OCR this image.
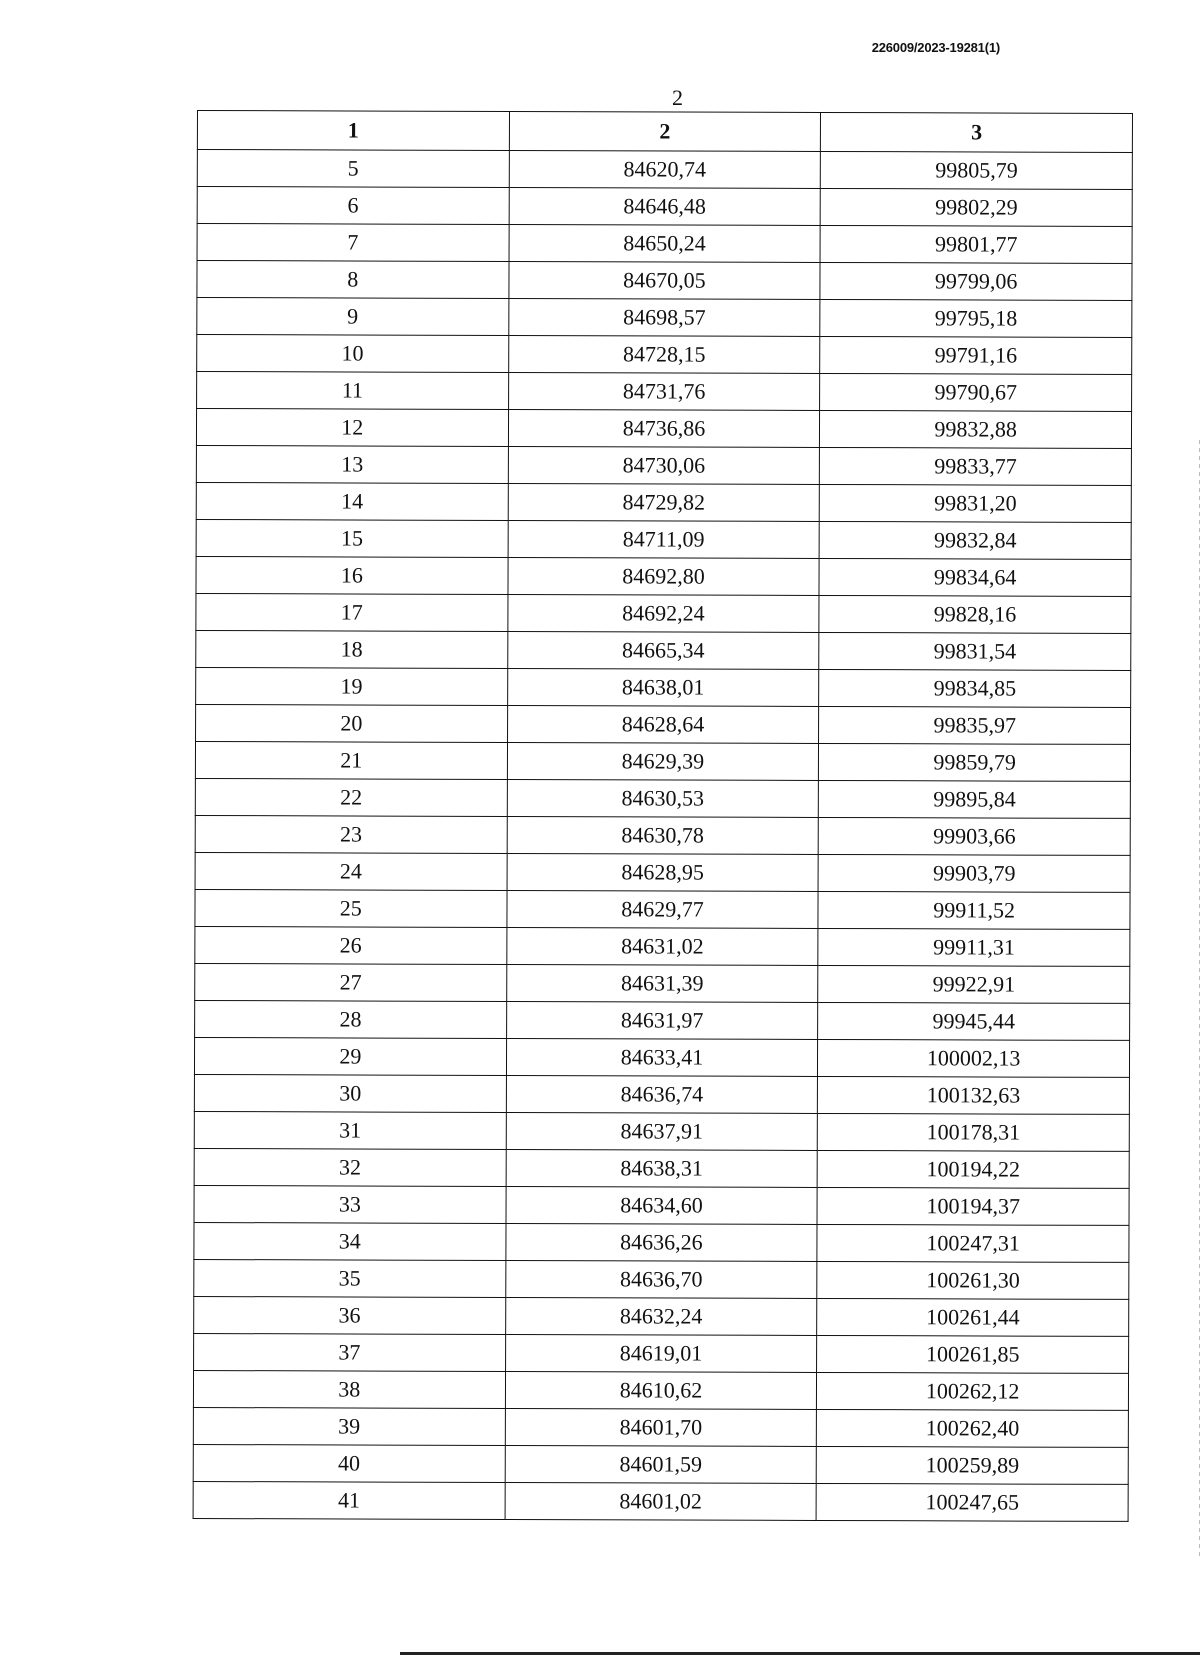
226009/2023-19281(1)
2
1	2	3
5	84620,74	99805,79
6	84646,48	99802,29
7	84650,24	99801,77
8	84670,05	99799,06
9	84698,57	99795,18
10	84728,15	99791,16
11	84731,76	99790,67
12	84736,86	99832,88
13	84730,06	99833,77
14	84729,82	99831,20
15	84711,09	99832,84
16	84692,80	99834,64
17	84692,24	99828,16
18	84665,34	99831,54
19	84638,01	99834,85
20	84628,64	99835,97
21	84629,39	99859,79
22	84630,53	99895,84
23	84630,78	99903,66
24	84628,95	99903,79
25	84629,77	99911,52
26	84631,02	99911,31
27	84631,39	99922,91
28	84631,97	99945,44
29	84633,41	100002,13
30	84636,74	100132,63
31	84637,91	100178,31
32	84638,31	100194,22
33	84634,60	100194,37
34	84636,26	100247,31
35	84636,70	100261,30
36	84632,24	100261,44
37	84619,01	100261,85
38	84610,62	100262,12
39	84601,70	100262,40
40	84601,59	100259,89
41	84601,02	100247,65
